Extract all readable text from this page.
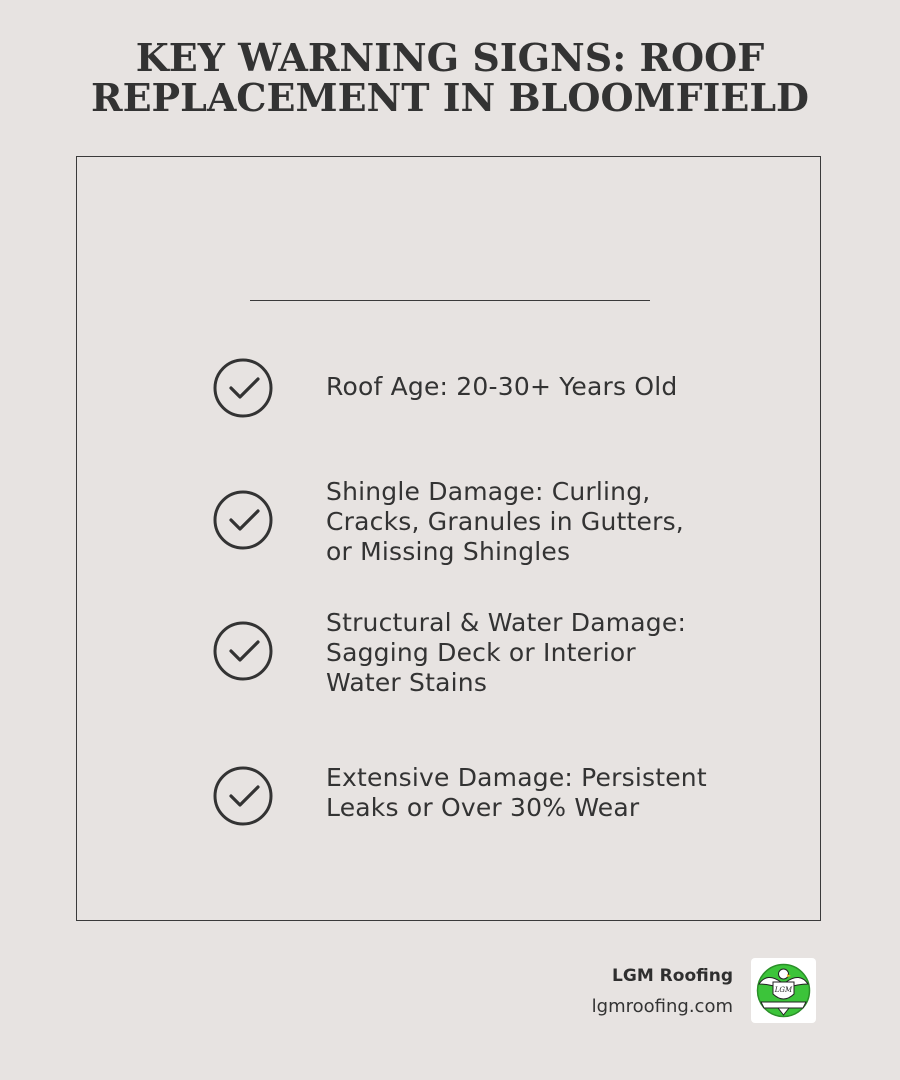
KEY WARNING SIGNS: ROOF
REPLACEMENT IN BLOOMFIELD
Roof Age: 20-30+ Years Old
Shingle Damage: Curling,
Cracks, Granules in Gutters,
or Missing Shingles
Structural & Water Damage:
Sagging Deck or Interior
Water Stains
Extensive Damage: Persistent
Leaks or Over 30% Wear
LGM Roofing
lgmroofing.com
LGM
